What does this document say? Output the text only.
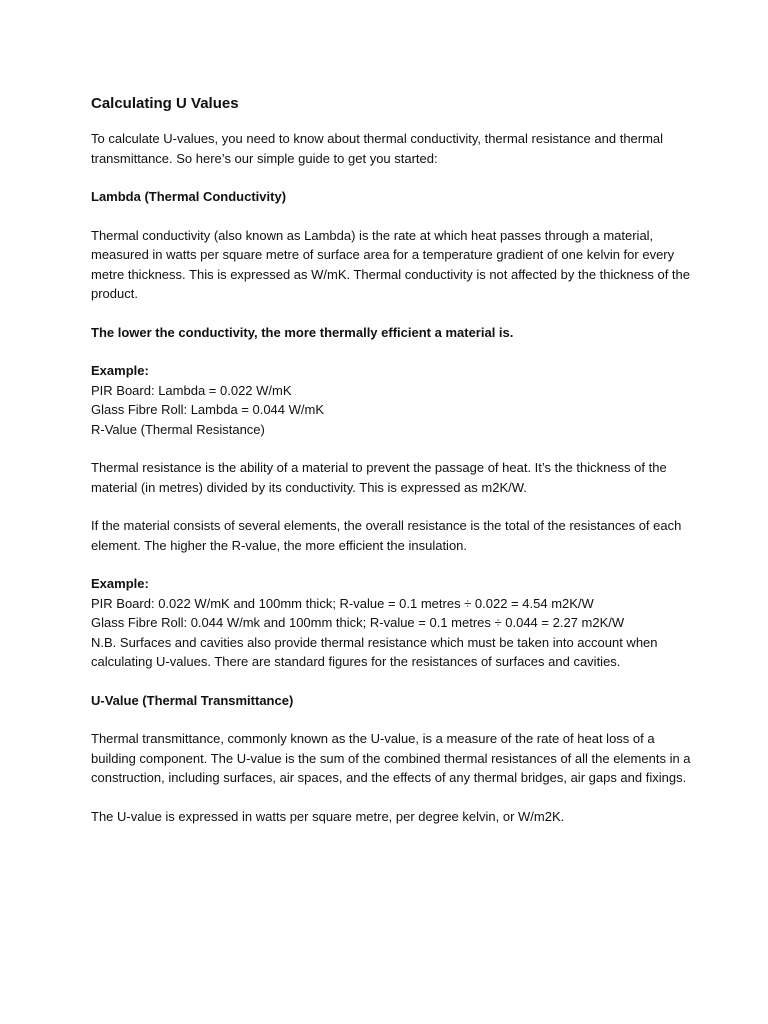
Calculating U Values

To calculate U-values, you need to know about thermal conductivity, thermal resistance and thermal transmittance. So here’s our simple guide to get you started:

Lambda (Thermal Conductivity)

Thermal conductivity (also known as Lambda) is the rate at which heat passes through a material, measured in watts per square metre of surface area for a temperature gradient of one kelvin for every metre thickness. This is expressed as W/mK. Thermal conductivity is not affected by the thickness of the product.

The lower the conductivity, the more thermally efficient a material is.

Example:
PIR Board: Lambda = 0.022 W/mK
Glass Fibre Roll: Lambda = 0.044 W/mK
R-Value (Thermal Resistance)

Thermal resistance is the ability of a material to prevent the passage of heat. It’s the thickness of the material (in metres) divided by its conductivity. This is expressed as m2K/W.

If the material consists of several elements, the overall resistance is the total of the resistances of each element. The higher the R-value, the more efficient the insulation.

Example:
PIR Board: 0.022 W/mK and 100mm thick; R-value = 0.1 metres ÷ 0.022 = 4.54 m2K/W
Glass Fibre Roll: 0.044 W/mk and 100mm thick; R-value = 0.1 metres ÷ 0.044 = 2.27 m2K/W
N.B. Surfaces and cavities also provide thermal resistance which must be taken into account when calculating U-values. There are standard figures for the resistances of surfaces and cavities.

U-Value (Thermal Transmittance)

Thermal transmittance, commonly known as the U-value, is a measure of the rate of heat loss of a building component. The U-value is the sum of the combined thermal resistances of all the elements in a construction, including surfaces, air spaces, and the effects of any thermal bridges, air gaps and fixings.

The U-value is expressed in watts per square metre, per degree kelvin, or W/m2K.
